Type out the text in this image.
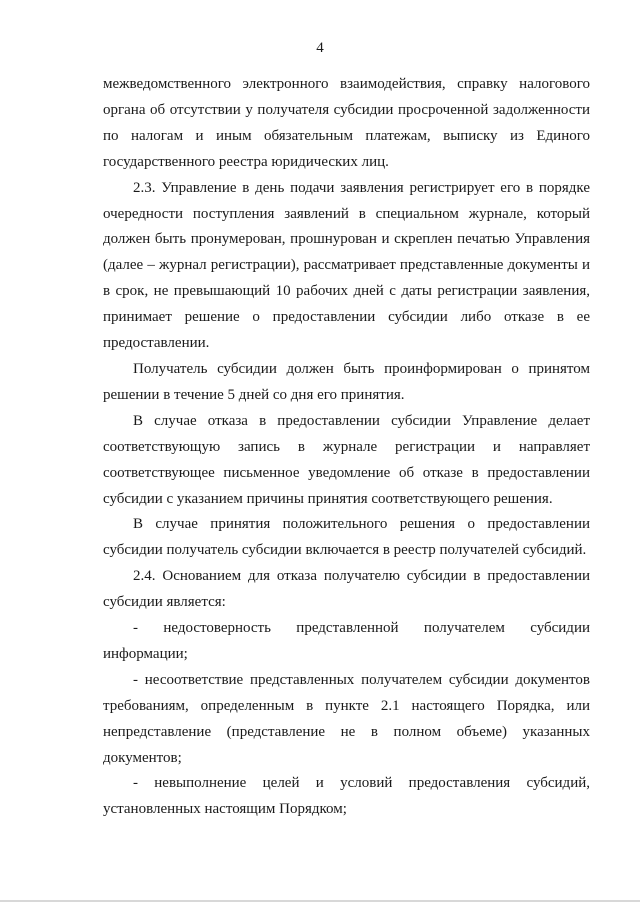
4

межведомственного электронного взаимодействия, справку налогового органа об отсутствии у получателя субсидии просроченной задолженности по налогам и иным обязательным платежам, выписку из Единого государственного реестра юридических лиц.

2.3. Управление в день подачи заявления регистрирует его в порядке очередности поступления заявлений в специальном журнале, который должен быть пронумерован, прошнурован и скреплен печатью Управления (далее – журнал регистрации), рассматривает представленные документы и в срок, не превышающий 10 рабочих дней с даты регистрации заявления, принимает решение о предоставлении субсидии либо отказе в ее предоставлении.

Получатель субсидии должен быть проинформирован о принятом решении в течение 5 дней со дня его принятия.

В случае отказа в предоставлении субсидии Управление делает соответствующую запись в журнале регистрации и направляет соответствующее письменное уведомление об отказе в предоставлении субсидии с указанием причины принятия соответствующего решения.

В случае принятия положительного решения о предоставлении субсидии получатель субсидии включается в реестр получателей субсидий.

2.4. Основанием для отказа получателю субсидии в предоставлении субсидии является:

- недостоверность представленной получателем субсидии информации;

- несоответствие представленных получателем субсидии документов требованиям, определенным в пункте 2.1 настоящего Порядка, или непредставление (представление не в полном объеме) указанных документов;

- невыполнение целей и условий предоставления субсидий, установленных настоящим Порядком;
